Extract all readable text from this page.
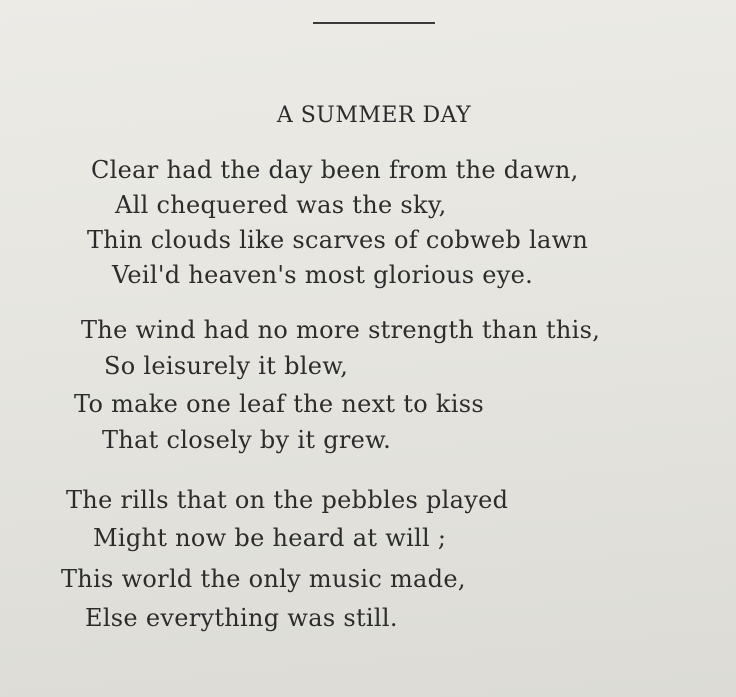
A SUMMER DAY
Clear had the day been from the dawn,
All chequered was the sky,
Thin clouds like scarves of cobweb lawn
Veil'd heaven's most glorious eye.
The wind had no more strength than this,
So leisurely it blew,
To make one leaf the next to kiss
That closely by it grew.
The rills that on the pebbles played
Might now be heard at will ;
This world the only music made,
Else everything was still.
